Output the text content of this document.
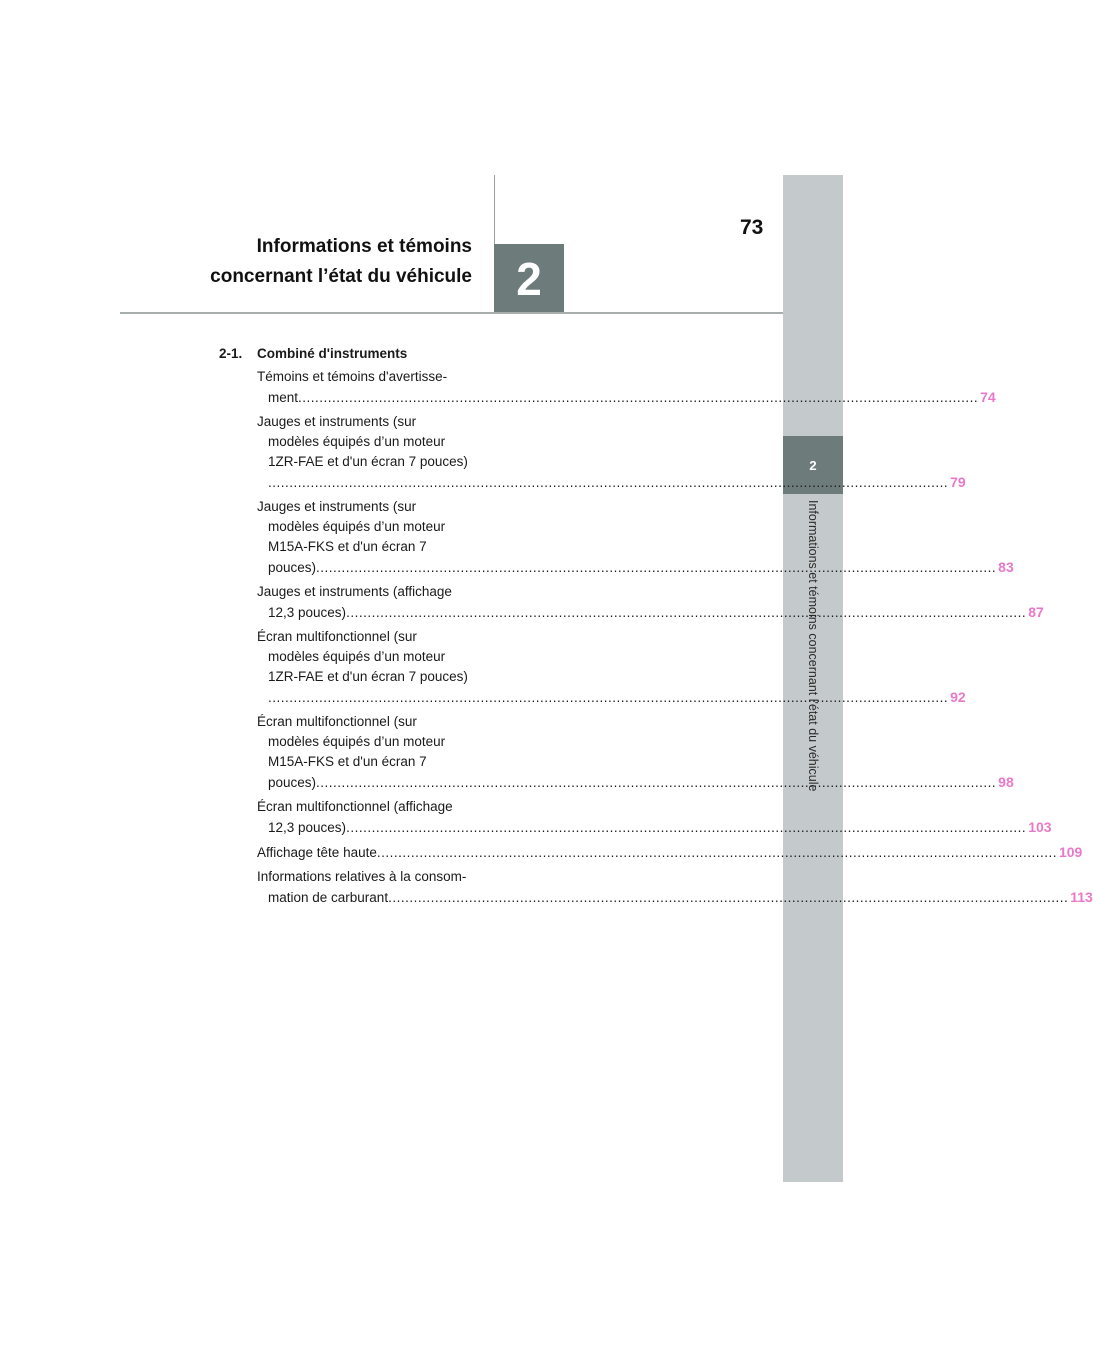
2
Informations et témoins concernant l'état du véhicule
73
2
Informations et témoins
concernant l’état du véhicule
2-1. Combiné d'instruments
Témoins et témoins d'avertisse-
ment ................................................................................................................................................................ 74
Jauges et instruments (sur
modèles équipés d’un moteur
1ZR-FAE et d'un écran 7 pouces)
................................................................................................................................................................ 79
Jauges et instruments (sur
modèles équipés d’un moteur
M15A-FKS et d'un écran 7
pouces) ................................................................................................................................................................ 83
Jauges et instruments (affichage
12,3 pouces) ................................................................................................................................................................ 87
Écran multifonctionnel (sur
modèles équipés d’un moteur
1ZR-FAE et d'un écran 7 pouces)
................................................................................................................................................................ 92
Écran multifonctionnel (sur
modèles équipés d’un moteur
M15A-FKS et d'un écran 7
pouces) ................................................................................................................................................................ 98
Écran multifonctionnel (affichage
12,3 pouces) ................................................................................................................................................................ 103
Affichage tête haute ................................................................................................................................................................ 109
Informations relatives à la consom-
mation de carburant ................................................................................................................................................................ 113
